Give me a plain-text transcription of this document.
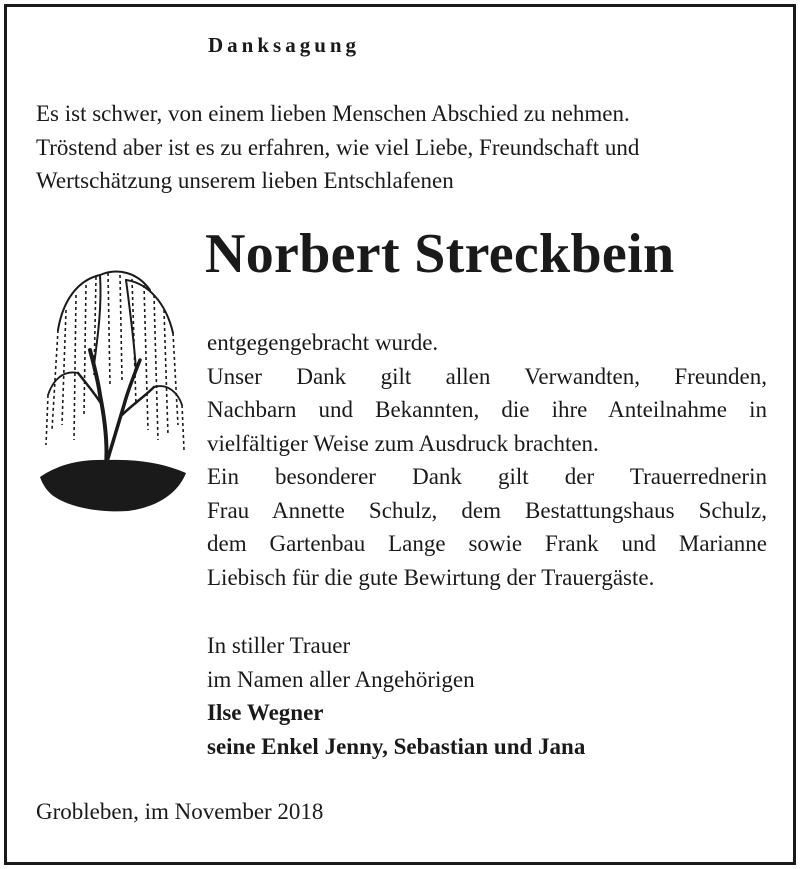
Danksagung
Es ist schwer, von einem lieben Menschen Abschied zu nehmen.
Tröstend aber ist es zu erfahren, wie viel Liebe, Freundschaft und
Wertschätzung unserem lieben Entschlafenen
Norbert Streckbein
entgegengebracht wurde.
Unser Dank gilt allen Verwandten, Freunden,
Nachbarn und Bekannten, die ihre Anteilnahme in
vielfältiger Weise zum Ausdruck brachten.
Ein besonderer Dank gilt der Trauerrednerin
Frau Annette Schulz, dem Bestattungshaus Schulz,
dem Gartenbau Lange sowie Frank und Marianne
Liebisch für die gute Bewirtung der Trauergäste.
In stiller Trauer
im Namen aller Angehörigen
Ilse Wegner
seine Enkel Jenny, Sebastian und Jana
Grobleben, im November 2018
